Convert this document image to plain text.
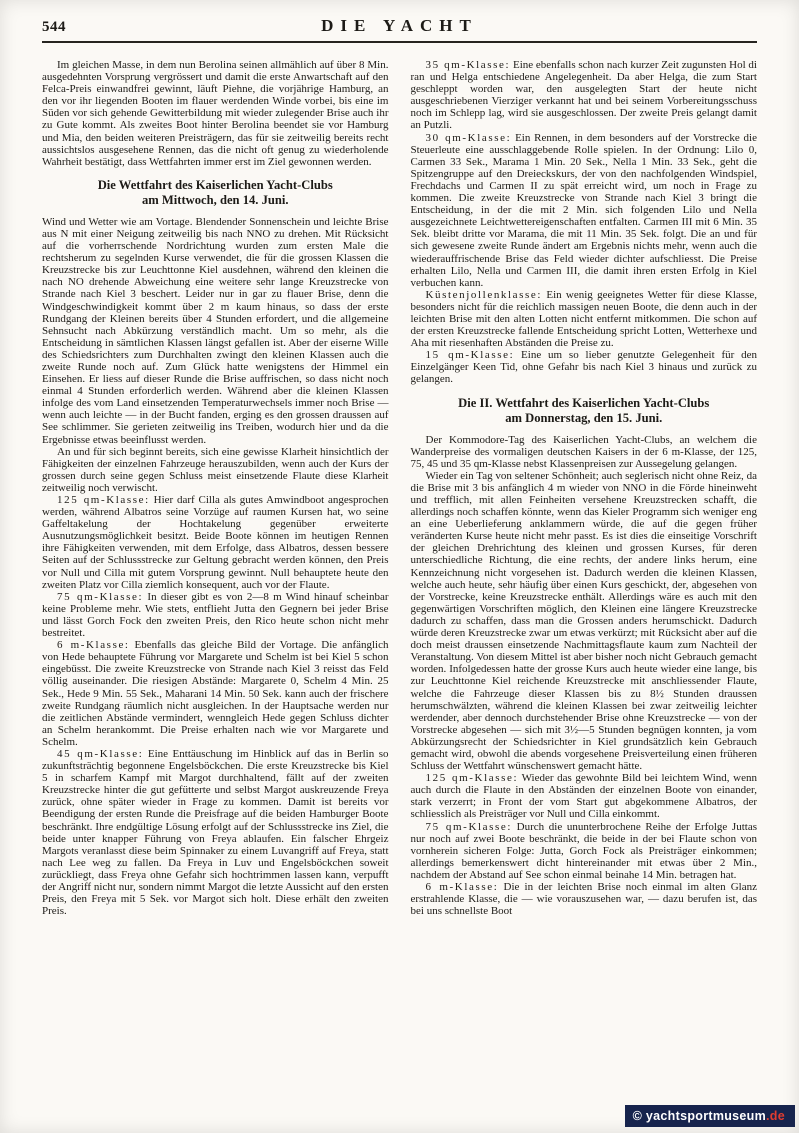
544	DIE YACHT

Im gleichen Masse, in dem nun Berolina seinen allmählich auf über 8 Min. ausgedehnten Vorsprung vergrössert und damit die erste Anwartschaft auf den Felca-Preis einwandfrei gewinnt, läuft Piehne, die vorjährige Hamburg, an den vor ihr liegenden Booten im flauer werdenden Winde vorbei, bis eine im Süden vor sich gehende Gewitterbildung mit wieder zulegender Brise auch ihr zu Gute kommt. Als zweites Boot hinter Berolina beendet sie vor Hamburg und Mia, den beiden weiteren Preisträgern, das für sie zeitweilig bereits recht aussichtslos ausgesehene Rennen, das die nicht oft genug zu wiederholende Wahrheit bestätigt, dass Wettfahrten immer erst im Ziel gewonnen werden.

Die Wettfahrt des Kaiserlichen Yacht-Clubs
am Mittwoch, den 14. Juni.

Wind und Wetter wie am Vortage. Blendender Sonnenschein und leichte Brise aus N mit einer Neigung zeitweilig bis nach NNO zu drehen. Mit Rücksicht auf die vorherrschende Nordrichtung wurden zum ersten Male die rechtsherum zu segelnden Kurse verwendet, die für die grossen Klassen die Kreuzstrecke bis zur Leuchttonne Kiel ausdehnen, während den kleinen die nach NO drehende Abweichung eine weitere sehr lange Kreuzstrecke von Strande nach Kiel 3 beschert. Leider nur in gar zu flauer Brise, denn die Windgeschwindigkeit kommt über 2 m kaum hinaus, so dass der erste Rundgang der Kleinen bereits über 4 Stunden erfordert, und die allgemeine Sehnsucht nach Abkürzung verständlich macht. Um so mehr, als die Entscheidung in sämtlichen Klassen längst gefallen ist. Aber der eiserne Wille des Schiedsrichters zum Durchhalten zwingt den kleinen Klassen auch die zweite Runde noch auf. Zum Glück hatte wenigstens der Himmel ein Einsehen. Er liess auf dieser Runde die Brise auffrischen, so dass nicht noch einmal 4 Stunden erforderlich werden. Während aber die kleinen Klassen infolge des vom Land einsetzenden Temperaturwechsels immer noch Brise — wenn auch leichte — in der Bucht fanden, erging es den grossen draussen auf See schlimmer. Sie gerieten zeitweilig ins Treiben, wodurch hier und da die Ergebnisse etwas beeinflusst werden.

An und für sich beginnt bereits, sich eine gewisse Klarheit hinsichtlich der Fähigkeiten der einzelnen Fahrzeuge herauszubilden, wenn auch der Kurs der grossen durch seine gegen Schluss meist einsetzende Flaute diese Klarheit zeitweilig noch verwischt.

125 qm-Klasse: Hier darf Cilla als gutes Amwindboot angesprochen werden, während Albatros seine Vorzüge auf raumen Kursen hat, wo seine Gaffeltakelung der Hochtakelung gegenüber erweiterte Ausnutzungsmöglichkeit besitzt. Beide Boote können im heutigen Rennen ihre Fähigkeiten verwenden, mit dem Erfolge, dass Albatros, dessen bessere Seiten auf der Schlussstrecke zur Geltung gebracht werden können, den Preis vor Null und Cilla mit gutem Vorsprung gewinnt. Null behauptete heute den zweiten Platz vor Cilla ziemlich konsequent, auch vor der Flaute.

75 qm-Klasse: In dieser gibt es von 2—8 m Wind hinauf scheinbar keine Probleme mehr. Wie stets, entflieht Jutta den Gegnern bei jeder Brise und lässt Gorch Fock den zweiten Preis, den Rico heute schon nicht mehr bestreitet.

6 m-Klasse: Ebenfalls das gleiche Bild der Vortage. Die anfänglich von Hede behauptete Führung vor Margarete und Schelm ist bei Kiel 5 schon eingebüsst. Die zweite Kreuzstrecke von Strande nach Kiel 3 reisst das Feld völlig auseinander. Die riesigen Abstände: Margarete 0, Schelm 4 Min. 25 Sek., Hede 9 Min. 55 Sek., Maharani 14 Min. 50 Sek. kann auch der frischere zweite Rundgang räumlich nicht ausgleichen. In der Hauptsache werden nur die zeitlichen Abstände vermindert, wenngleich Hede gegen Schluss dichter an Schelm herankommt. Die Preise erhalten nach wie vor Margarete und Schelm.

45 qm-Klasse: Eine Enttäuschung im Hinblick auf das in Berlin so zukunftsträchtig begonnene Engelsböckchen. Die erste Kreuzstrecke bis Kiel 5 in scharfem Kampf mit Margot durchhaltend, fällt auf der zweiten Kreuzstrecke hinter die gut gefütterte und selbst Margot auskreuzende Freya zurück, ohne später wieder in Frage zu kommen. Damit ist bereits vor Beendigung der ersten Runde die Preisfrage auf die beiden Hamburger Boote beschränkt. Ihre endgültige Lösung erfolgt auf der Schlussstrecke ins Ziel, die beide unter knapper Führung von Freya ablaufen. Ein falscher Ehrgeiz Margots veranlasst diese beim Spinnaker zu einem Luvangriff auf Freya, statt nach Lee weg zu fallen. Da Freya in Luv und Engelsböckchen soweit zurückliegt, dass Freya ohne Gefahr sich hochtrimmen lassen kann, verpufft der Angriff nicht nur, sondern nimmt Margot die letzte Aussicht auf den ersten Preis, den Freya mit 5 Sek. vor Margot sich holt. Diese erhält den zweiten Preis.

35 qm-Klasse: Eine ebenfalls schon nach kurzer Zeit zugunsten Hol di ran und Helga entschiedene Angelegenheit. Da aber Helga, die zum Start geschleppt worden war, den ausgelegten Start der heute nicht ausgeschriebenen Vierziger verkannt hat und bei seinem Vorbereitungsschuss noch im Schlepp lag, wird sie ausgeschlossen. Der zweite Preis gelangt damit an Putzli.

30 qm-Klasse: Ein Rennen, in dem besonders auf der Vorstrecke die Steuerleute eine ausschlaggebende Rolle spielen. In der Ordnung: Lilo 0, Carmen 33 Sek., Marama 1 Min. 20 Sek., Nella 1 Min. 33 Sek., geht die Spitzengruppe auf den Dreieckskurs, der von den nachfolgenden Windspiel, Frechdachs und Carmen II zu spät erreicht wird, um noch in Frage zu kommen. Die zweite Kreuzstrecke von Strande nach Kiel 3 bringt die Entscheidung, in der die mit 2 Min. sich folgenden Lilo und Nella ausgezeichnete Leichtwettereigenschaften entfalten. Carmen III mit 6 Min. 35 Sek. bleibt dritte vor Marama, die mit 11 Min. 35 Sek. folgt. Die an und für sich gewesene zweite Runde ändert am Ergebnis nichts mehr, wenn auch die wiederauffrischende Brise das Feld wieder dichter aufschliesst. Die Preise erhalten Lilo, Nella und Carmen III, die damit ihren ersten Erfolg in Kiel verbuchen kann.

Küstenjollenklasse: Ein wenig geeignetes Wetter für diese Klasse, besonders nicht für die reichlich massigen neuen Boote, die denn auch in der leichten Brise mit den alten Lotten nicht entfernt mitkommen. Die schon auf der ersten Kreuzstrecke fallende Entscheidung spricht Lotten, Wetterhexe und Aha mit riesenhaften Abständen die Preise zu.

15 qm-Klasse: Eine um so lieber genutzte Gelegenheit für den Einzelgänger Keen Tid, ohne Gefahr bis nach Kiel 3 hinaus und zurück zu gelangen.

Die II. Wettfahrt des Kaiserlichen Yacht-Clubs
am Donnerstag, den 15. Juni.

Der Kommodore-Tag des Kaiserlichen Yacht-Clubs, an welchem die Wanderpreise des vormaligen deutschen Kaisers in der 6 m-Klasse, der 125, 75, 45 und 35 qm-Klasse nebst Klassenpreisen zur Aussegelung gelangen.

Wieder ein Tag von seltener Schönheit; auch seglerisch nicht ohne Reiz, da die Brise mit 3 bis anfänglich 4 m wieder von NNO in die Förde hineinweht und trefflich, mit allen Feinheiten versehene Kreuzstrecken schafft, die allerdings noch schaffen könnte, wenn das Kieler Programm sich weniger eng an eine Ueberlieferung anklammern würde, die auf die gegen früher veränderten Kurse heute nicht mehr passt. Es ist dies die einseitige Vorschrift der gleichen Drehrichtung des kleinen und grossen Kurses, für deren unterschiedliche Richtung, die eine rechts, der andere links herum, eine Kennzeichnung nicht vorgesehen ist. Dadurch werden die kleinen Klassen, welche auch heute, sehr häufig über einen Kurs geschickt, der, abgesehen von der Vorstrecke, keine Kreuzstrecke enthält. Allerdings wäre es auch mit den gegenwärtigen Vorschriften möglich, den Kleinen eine längere Kreuzstrecke dadurch zu schaffen, dass man die Grossen anders herumschickt. Dadurch würde deren Kreuzstrecke zwar um etwas verkürzt; mit Rücksicht aber auf die doch meist draussen einsetzende Nachmittagsflaute kaum zum Nachteil der Veranstaltung. Von diesem Mittel ist aber bisher noch nicht Gebrauch gemacht worden. Infolgedessen hatte der grosse Kurs auch heute wieder eine lange, bis zur Leuchttonne Kiel reichende Kreuzstrecke mit anschliessender Flaute, welche die Fahrzeuge dieser Klassen bis zu 8½ Stunden draussen herumschwälzten, während die kleinen Klassen bei zwar zeitweilig leichter werdender, aber dennoch durchstehender Brise ohne Kreuzstrecke — von der Vorstrecke abgesehen — sich mit 3½—5 Stunden begnügen konnten, ja vom Abkürzungsrecht der Schiedsrichter in Kiel grundsätzlich kein Gebrauch gemacht wird, obwohl die abends vorgesehene Preisverteilung einen früheren Schluss der Wettfahrt wünschenswert gemacht hätte.

125 qm-Klasse: Wieder das gewohnte Bild bei leichtem Wind, wenn auch durch die Flaute in den Abständen der einzelnen Boote von einander, stark verzerrt; in Front der vom Start gut abgekommene Albatros, der schliesslich als Preisträger vor Null und Cilla einkommt.

75 qm-Klasse: Durch die ununterbrochene Reihe der Erfolge Juttas nur noch auf zwei Boote beschränkt, die beide in der bei Flaute schon von vornherein sicheren Folge: Jutta, Gorch Fock als Preisträger einkommen; allerdings bemerkenswert dicht hintereinander mit etwas über 2 Min., nachdem der Abstand auf See schon einmal beinahe 14 Min. betragen hat.

6 m-Klasse: Die in der leichten Brise noch einmal im alten Glanz erstrahlende Klasse, die — wie vorauszusehen war, — dazu berufen ist, das bei uns schnellste Boot

© yachtsportmuseum.de
